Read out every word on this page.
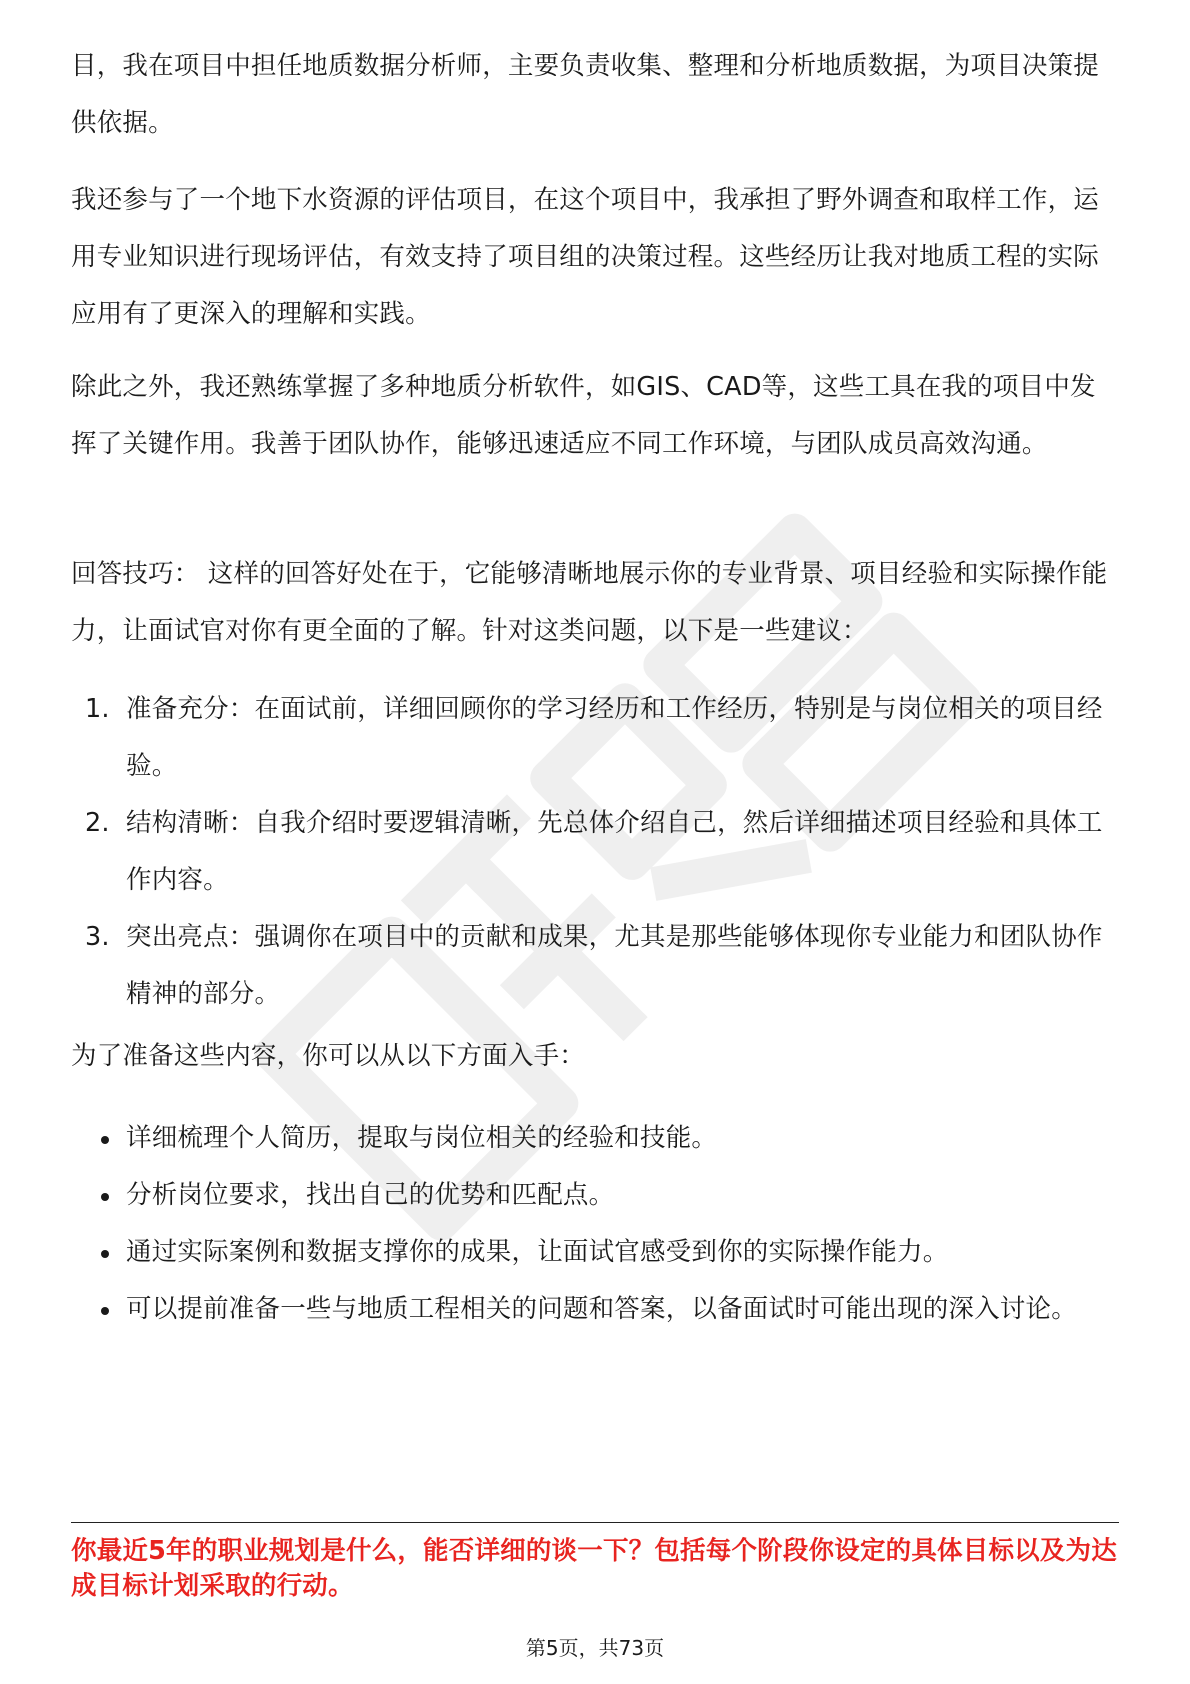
目，我在项目中担任地质数据分析师，主要负责收集、整理和分析地质数据，为项目决策提供依据。

我还参与了一个地下水资源的评估项目，在这个项目中，我承担了野外调查和取样工作，运用专业知识进行现场评估，有效支持了项目组的决策过程。这些经历让我对地质工程的实际应用有了更深入的理解和实践。

除此之外，我还熟练掌握了多种地质分析软件，如GIS、CAD等，这些工具在我的项目中发挥了关键作用。我善于团队协作，能够迅速适应不同工作环境，与团队成员高效沟通。

回答技巧： 这样的回答好处在于，它能够清晰地展示你的专业背景、项目经验和实际操作能力，让面试官对你有更全面的了解。针对这类问题，以下是一些建议：

1. 准备充分：在面试前，详细回顾你的学习经历和工作经历，特别是与岗位相关的项目经验。
2. 结构清晰：自我介绍时要逻辑清晰，先总体介绍自己，然后详细描述项目经验和具体工作内容。
3. 突出亮点：强调你在项目中的贡献和成果，尤其是那些能够体现你专业能力和团队协作精神的部分。

为了准备这些内容，你可以从以下方面入手：

详细梳理个人简历，提取与岗位相关的经验和技能。
分析岗位要求，找出自己的优势和匹配点。
通过实际案例和数据支撑你的成果，让面试官感受到你的实际操作能力。
可以提前准备一些与地质工程相关的问题和答案，以备面试时可能出现的深入讨论。

你最近5年的职业规划是什么，能否详细的谈一下？包括每个阶段你设定的具体目标以及为达成目标计划采取的行动。

第5页，共73页
